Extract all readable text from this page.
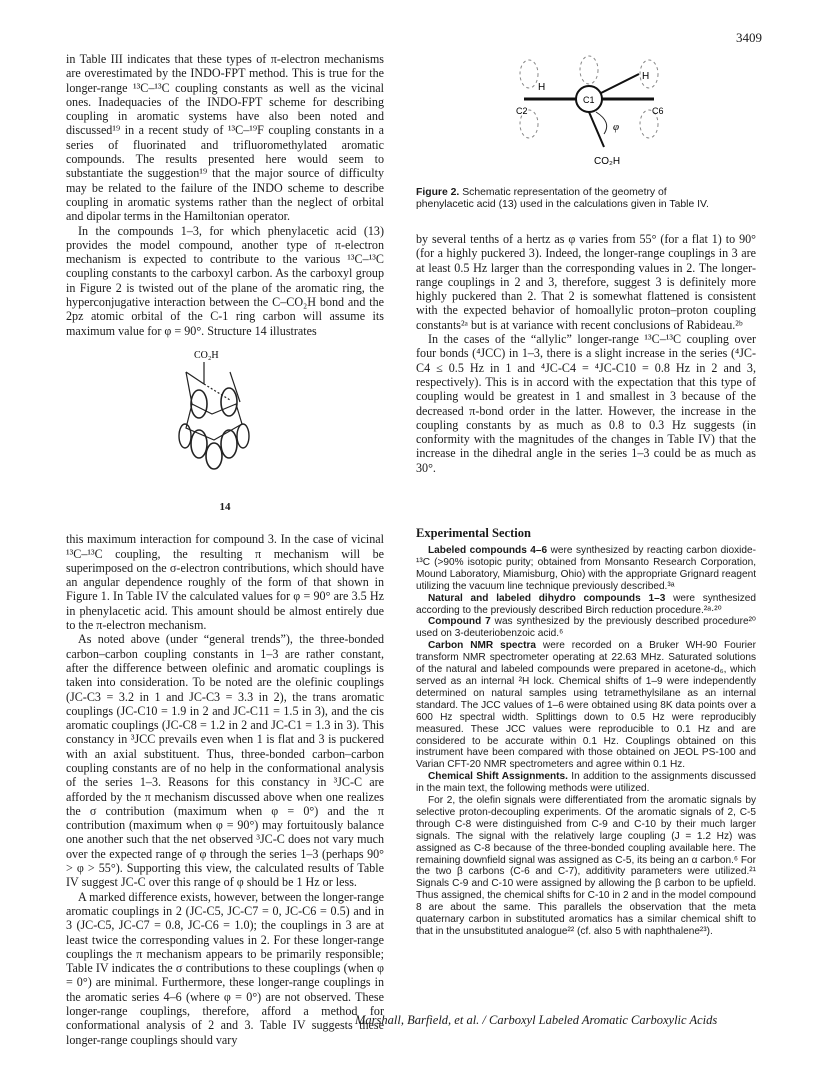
3409

in Table III indicates that these types of π-electron mechanisms are overestimated by the INDO-FPT method. This is true for the longer-range ¹³C–¹³C coupling constants as well as the vicinal ones. Inadequacies of the INDO-FPT scheme for describing coupling in aromatic systems have also been noted and discussed¹⁹ in a recent study of ¹³C–¹⁹F coupling constants in a series of fluorinated and trifluoromethylated aromatic compounds. The results presented here would seem to substantiate the suggestion¹⁹ that the major source of difficulty may be related to the failure of the INDO scheme to describe coupling in aromatic systems rather than the neglect of orbital and dipolar terms in the Hamiltonian operator.

In the compounds 1–3, for which phenylacetic acid (13) provides the model compound, another type of π-electron mechanism is expected to contribute to the various ¹³C–¹³C coupling constants to the carboxyl carbon. As the carboxyl group in Figure 2 is twisted out of the plane of the aromatic ring, the hyperconjugative interaction between the C–CO₂H bond and the 2pz atomic orbital of the C-1 ring carbon will assume its maximum value for φ = 90°. Structure 14 illustrates

CO₂H
14

this maximum interaction for compound 3. In the case of vicinal ¹³C–¹³C coupling, the resulting π mechanism will be superimposed on the σ-electron contributions, which should have an angular dependence roughly of the form of that shown in Figure 1. In Table IV the calculated values for φ = 90° are 3.5 Hz in phenylacetic acid. This amount should be almost entirely due to the π-electron mechanism.

As noted above (under “general trends”), the three-bonded carbon–carbon coupling constants in 1–3 are rather constant, after the difference between olefinic and aromatic couplings is taken into consideration. To be noted are the olefinic couplings (JC-C3 = 3.2 in 1 and JC-C3 = 3.3 in 2), the trans aromatic couplings (JC-C10 = 1.9 in 2 and JC-C11 = 1.5 in 3), and the cis aromatic couplings (JC-C8 = 1.2 in 2 and JC-C1 = 1.3 in 3). This constancy in ³JCC prevails even when 1 is flat and 3 is puckered with an axial substituent. Thus, three-bonded carbon–carbon coupling constants are of no help in the conformational analysis of the series 1–3. Reasons for this constancy in ³JC-C are afforded by the π mechanism discussed above when one realizes the σ contribution (maximum when φ = 0°) and the π contribution (maximum when φ = 90°) may fortuitously balance one another such that the net observed ³JC-C does not vary much over the expected range of φ through the series 1–3 (perhaps 90° > φ > 55°). Supporting this view, the calculated results of Table IV suggest JC-C over this range of φ should be 1 Hz or less.

A marked difference exists, however, between the longer-range aromatic couplings in 2 (JC-C5, JC-C7 = 0, JC-C6 = 0.5) and in 3 (JC-C5, JC-C7 = 0.8, JC-C6 = 1.0); the couplings in 3 are at least twice the corresponding values in 2. For these longer-range couplings the π mechanism appears to be primarily responsible; Table IV indicates the σ contributions to these couplings (when φ = 0°) are minimal. Furthermore, these longer-range couplings in the aromatic series 4–6 (where φ = 0°) are not observed. These longer-range couplings, therefore, afford a method for conformational analysis of 2 and 3. Table IV suggests these longer-range couplings should vary

H
H
C2
C1
C6
φ
CO₂H
Figure 2. Schematic representation of the geometry of phenylacetic acid (13) used in the calculations given in Table IV.

by several tenths of a hertz as φ varies from 55° (for a flat 1) to 90° (for a highly puckered 3). Indeed, the longer-range couplings in 3 are at least 0.5 Hz larger than the corresponding values in 2. The longer-range couplings in 2 and 3, therefore, suggest 3 is definitely more highly puckered than 2. That 2 is somewhat flattened is consistent with the expected behavior of homoallylic proton–proton coupling constants²ᵃ but is at variance with recent conclusions of Rabideau.²ᵇ

In the cases of the “allylic” longer-range ¹³C–¹³C coupling over four bonds (⁴JCC) in 1–3, there is a slight increase in the series (⁴JC-C4 ≤ 0.5 Hz in 1 and ⁴JC-C4 = ⁴JC-C10 = 0.8 Hz in 2 and 3, respectively). This is in accord with the expectation that this type of coupling would be greatest in 1 and smallest in 3 because of the decreased π-bond order in the latter. However, the increase in the coupling constants by as much as 0.8 to 0.3 Hz suggests (in conformity with the magnitudes of the changes in Table IV) that the increase in the dihedral angle in the series 1–3 could be as much as 30°.

Experimental Section

Labeled compounds 4–6 were synthesized by reacting carbon dioxide-¹³C (>90% isotopic purity; obtained from Monsanto Research Corporation, Mound Laboratory, Miamisburg, Ohio) with the appropriate Grignard reagent utilizing the vacuum line technique previously described.³ᵃ

Natural and labeled dihydro compounds 1–3 were synthesized according to the previously described Birch reduction procedure.²ᵃ·²⁰

Compound 7 was synthesized by the previously described procedure²⁰ used on 3-deuteriobenzoic acid.⁶

Carbon NMR spectra were recorded on a Bruker WH-90 Fourier transform NMR spectrometer operating at 22.63 MHz. Saturated solutions of the natural and labeled compounds were prepared in acetone-d₆, which served as an internal ²H lock. Chemical shifts of 1–9 were independently determined on natural samples using tetramethylsilane as an internal standard. The JCC values of 1–6 were obtained using 8K data points over a 600 Hz spectral width. Splittings down to 0.5 Hz were reproducibly measured. These JCC values were reproducible to 0.1 Hz and are considered to be accurate within 0.1 Hz. Couplings obtained on this instrument have been compared with those obtained on JEOL PS-100 and Varian CFT-20 NMR spectrometers and agree within 0.1 Hz.

Chemical Shift Assignments. In addition to the assignments discussed in the main text, the following methods were utilized.

For 2, the olefin signals were differentiated from the aromatic signals by selective proton-decoupling experiments. Of the aromatic signals of 2, C-5 through C-8 were distinguished from C-9 and C-10 by their much larger signals. The signal with the relatively large coupling (J = 1.2 Hz) was assigned as C-8 because of the three-bonded coupling available here. The remaining downfield signal was assigned as C-5, its being an α carbon.⁶ For the two β carbons (C-6 and C-7), additivity parameters were utilized.²¹ Signals C-9 and C-10 were assigned by allowing the β carbon to be upfield. Thus assigned, the chemical shifts for C-10 in 2 and in the model compound 8 are about the same. This parallels the observation that the meta quaternary carbon in substituted aromatics has a similar chemical shift to that in the unsubstituted analogue²² (cf. also 5 with naphthalene²³).

Marshall, Barfield, et al. / Carboxyl Labeled Aromatic Carboxylic Acids
